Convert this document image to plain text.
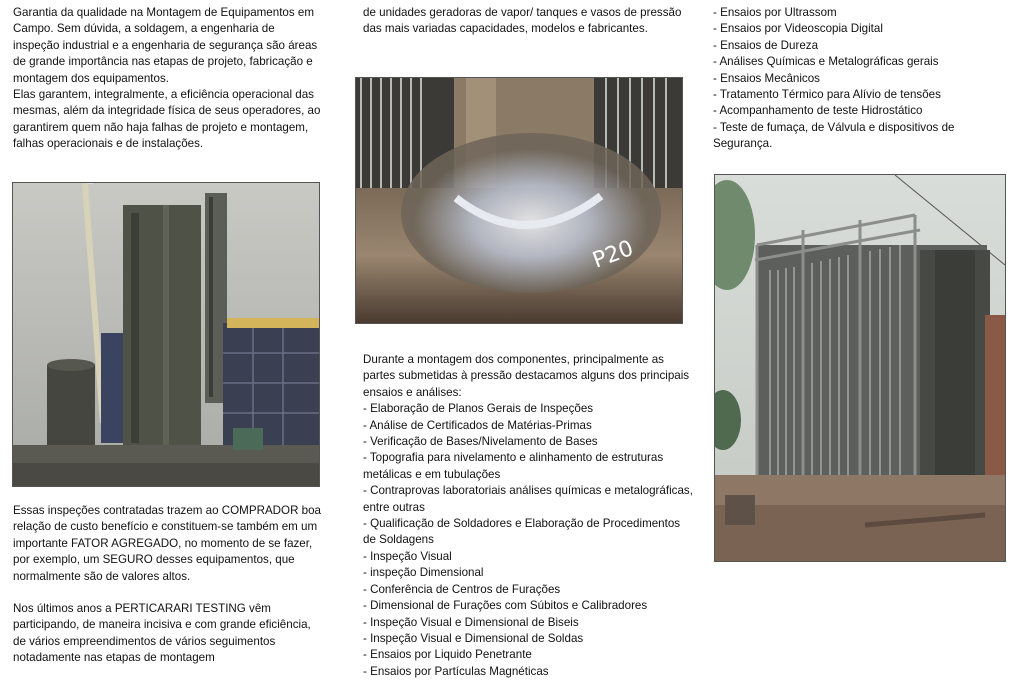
Garantia da qualidade na Montagem de Equipamentos em Campo. Sem dúvida, a soldagem, a engenharia de inspeção industrial e a engenharia de segurança são áreas de grande importância nas etapas de projeto, fabricação e montagem dos equipamentos.

Elas garantem, integralmente, a eficiência operacional das mesmas, além da integridade física de seus operadores, ao garantirem quem não haja falhas de projeto e montagem, falhas operacionais e de instalações.

Essas inspeções contratadas trazem ao COMPRADOR boa relação de custo benefício e constituem-se também em um importante FATOR AGREGADO, no momento de se fazer, por exemplo, um SEGURO desses equipamentos, que normalmente são de valores altos.

Nos últimos anos a PERTICARARI TESTING vêm participando, de maneira incisiva e com grande eficiência, de vários empreendimentos de vários seguimentos notadamente nas etapas de montagem

de unidades geradoras de vapor/ tanques e vasos de pressão das mais variadas capacidades, modelos e fabricantes.

P20

Durante a montagem dos componentes, principalmente as partes submetidas à pressão destacamos alguns dos principais ensaios e análises:

- Elaboração de Planos Gerais de Inspeções
- Análise de Certificados de Matérias-Primas
- Verificação de Bases/Nivelamento de Bases
- Topografia para nivelamento e alinhamento de estruturas metálicas e em tubulações
- Contraprovas laboratoriais análises químicas e metalográficas, entre outras
- Qualificação de Soldadores e Elaboração de Procedimentos de Soldagens
- Inspeção Visual
- inspeção Dimensional
- Conferência de Centros de Furações
- Dimensional de Furações com Súbitos e Calibradores
- Inspeção Visual e Dimensional de Biseis
- Inspeção Visual e Dimensional de Soldas
- Ensaios por Liquido Penetrante
- Ensaios por Partículas Magnéticas
- Ensaios por Ultrassom
- Ensaios por Videoscopia Digital
- Ensaios de Dureza
- Análises Químicas e Metalográficas gerais
- Ensaios Mecânicos
- Tratamento Térmico para Alívio de tensões
- Acompanhamento de teste Hidrostático
- Teste de fumaça, de Válvula e dispositivos de Segurança.
